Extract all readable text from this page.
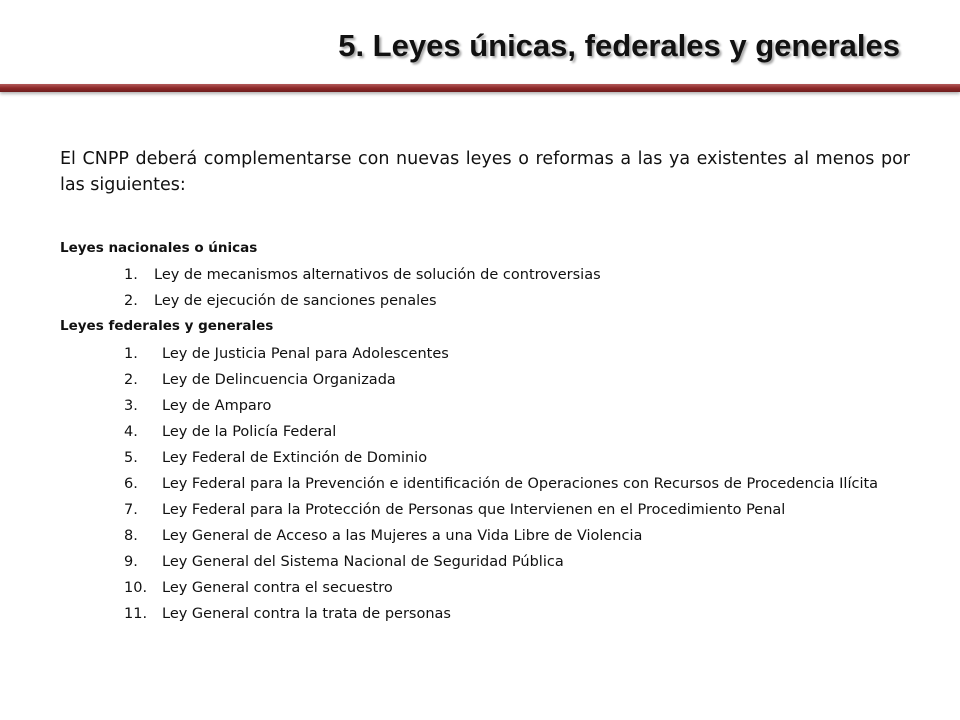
5. Leyes únicas, federales y generales

El CNPP deberá complementarse con nuevas leyes o reformas a las ya existentes al menos por las siguientes:

Leyes nacionales o únicas
1.	Ley de mecanismos alternativos de solución de controversias
2.	Ley de ejecución de sanciones penales
Leyes federales y generales
1.	Ley de Justicia Penal para Adolescentes
2.	Ley de Delincuencia Organizada
3.	Ley de Amparo
4.	Ley de la Policía Federal
5.	Ley Federal de Extinción de Dominio
6.	Ley Federal para la Prevención e identificación de Operaciones con Recursos de Procedencia Ilícita
7.	Ley Federal para la Protección de Personas que Intervienen en el Procedimiento Penal
8.	Ley General de Acceso a las Mujeres a una Vida Libre de Violencia
9.	Ley General del Sistema Nacional de Seguridad Pública
10.	Ley General contra el secuestro
11.	Ley General contra la trata de personas
